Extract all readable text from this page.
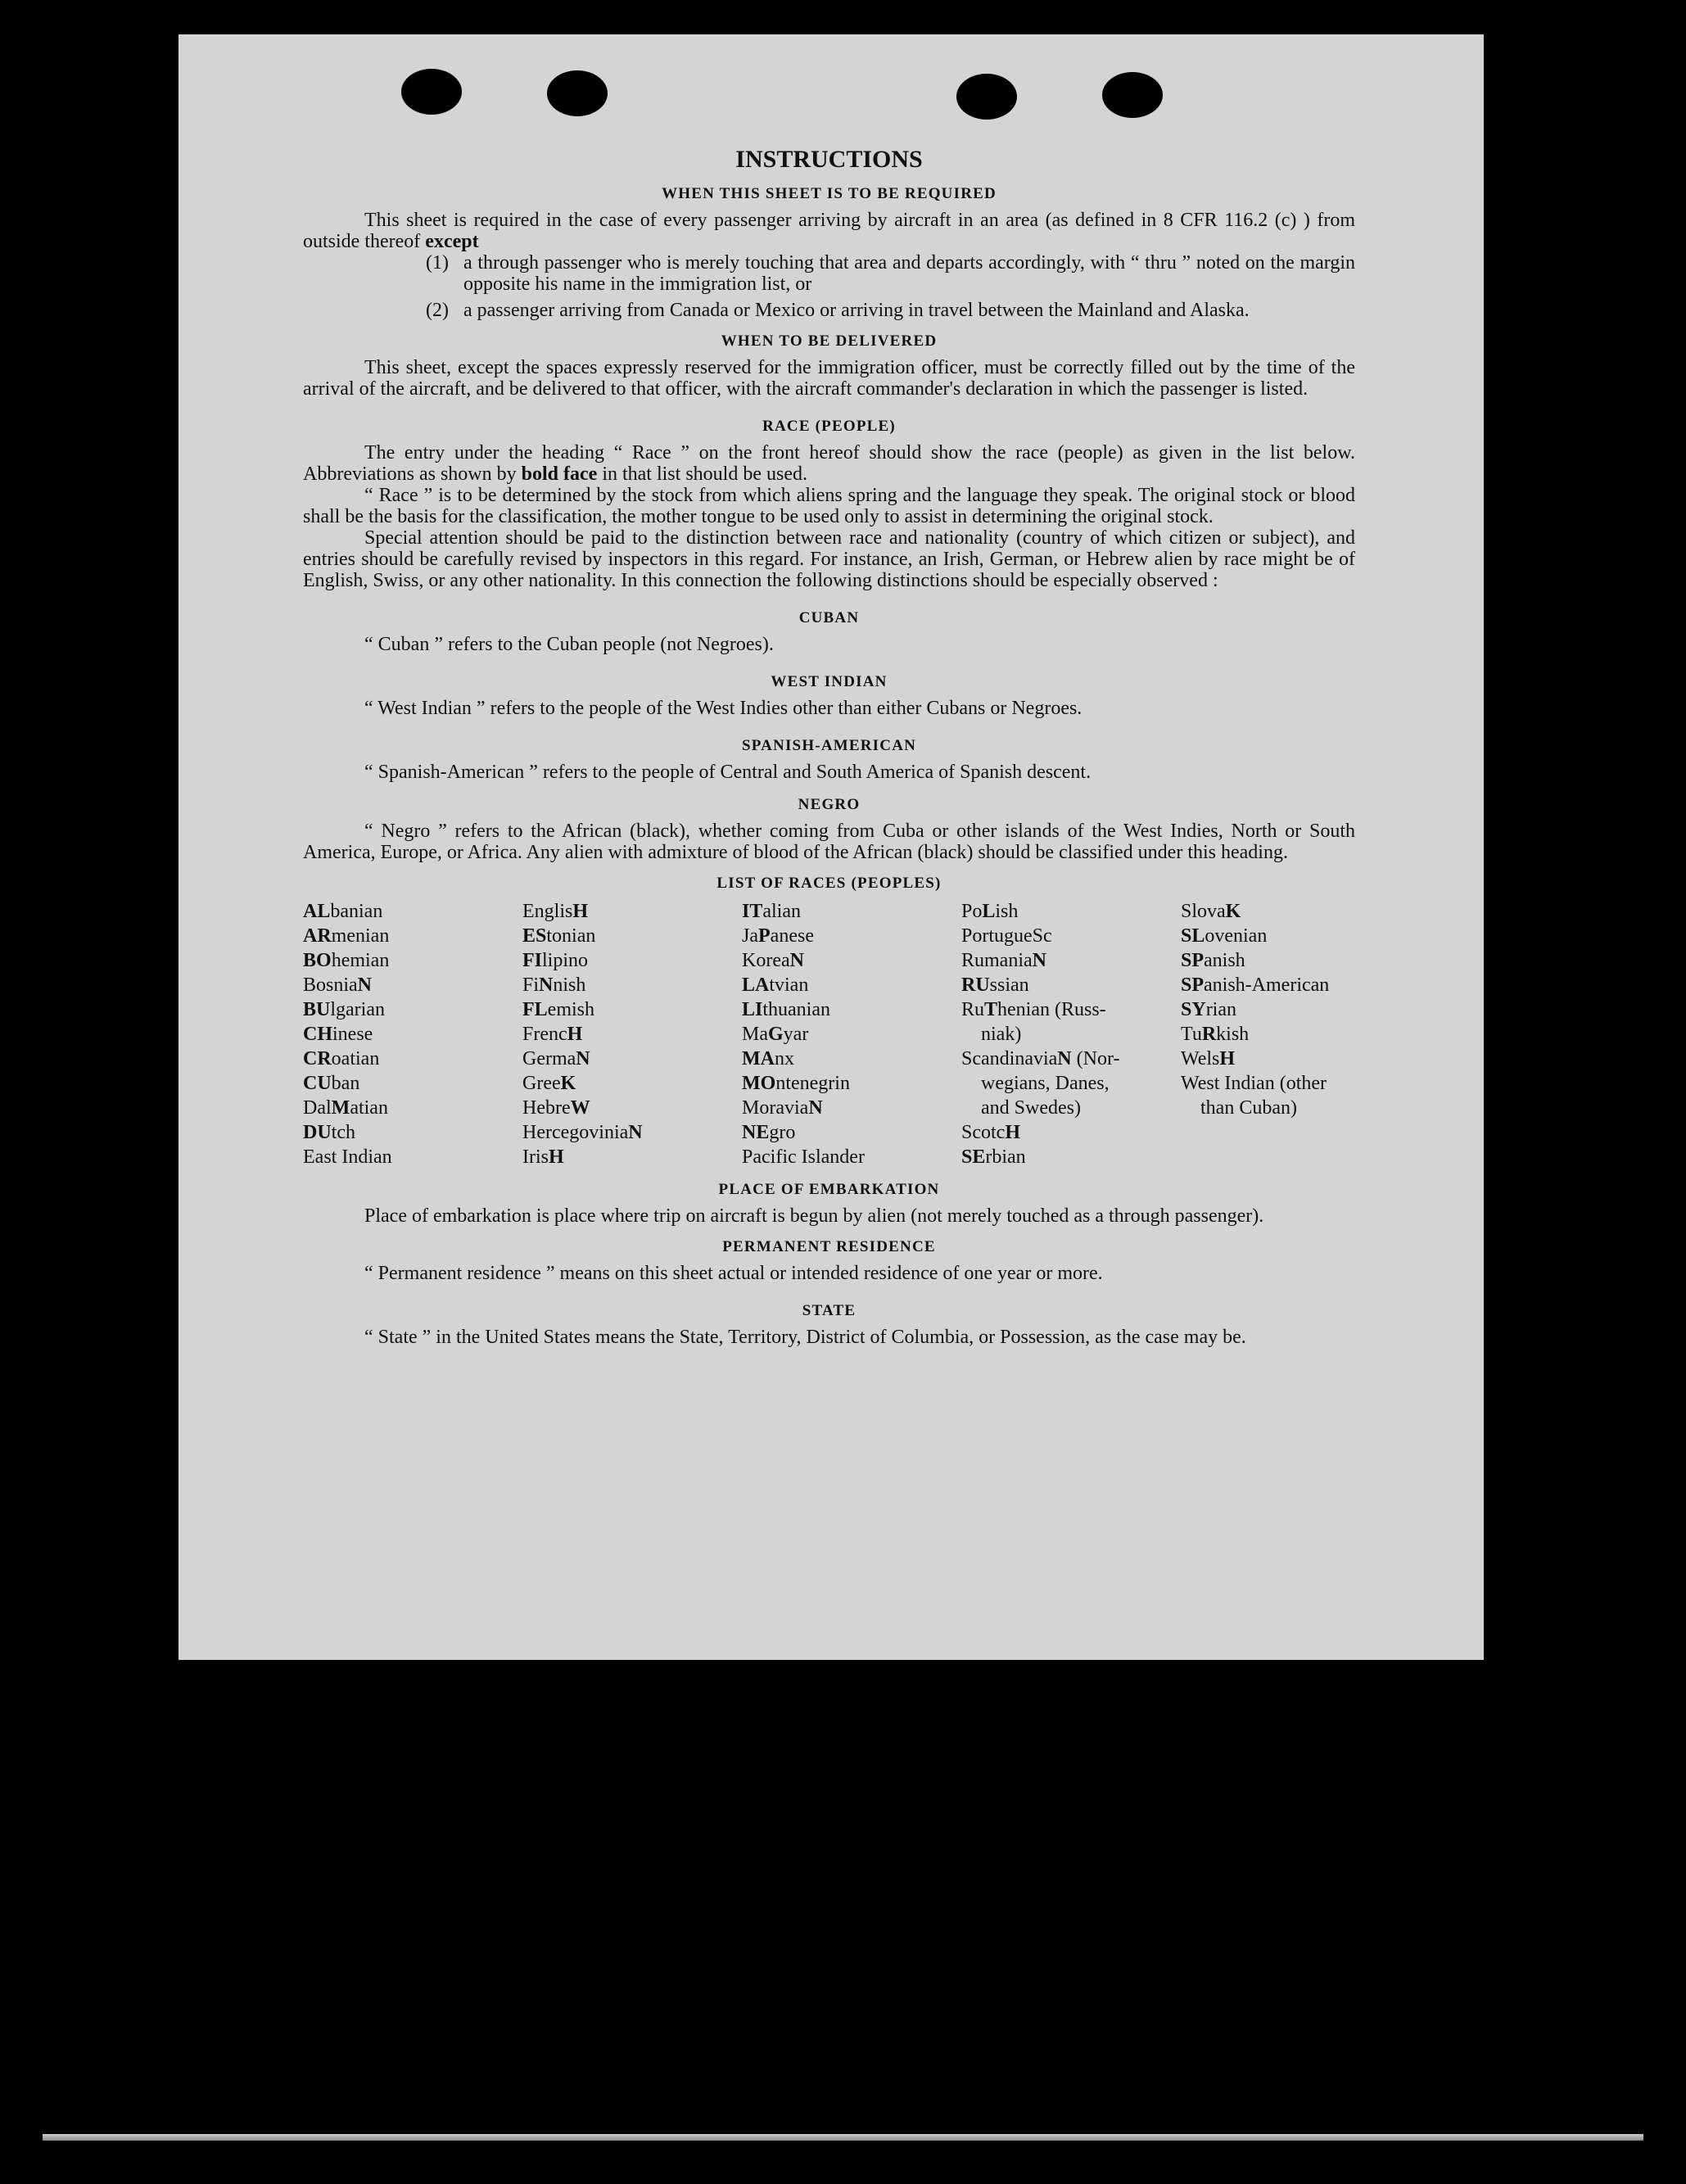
INSTRUCTIONS
WHEN THIS SHEET IS TO BE REQUIRED

This sheet is required in the case of every passenger arriving by aircraft in an area (as defined in 8 CFR 116.2 (c) ) from outside thereof except

(1) a through passenger who is merely touching that area and departs accordingly, with “ thru ” noted on the margin opposite his name in the immigration list, or
(2) a passenger arriving from Canada or Mexico or arriving in travel between the Mainland and Alaska.
WHEN TO BE DELIVERED

This sheet, except the spaces expressly reserved for the immigration officer, must be correctly filled out by the time of the arrival of the aircraft, and be delivered to that officer, with the aircraft commander's declaration in which the passenger is listed.

RACE (PEOPLE)

The entry under the heading “ Race ” on the front hereof should show the race (people) as given in the list below. Abbreviations as shown by bold face in that list should be used.

“ Race ” is to be determined by the stock from which aliens spring and the language they speak. The original stock or blood shall be the basis for the classification, the mother tongue to be used only to assist in determining the original stock.

Special attention should be paid to the distinction between race and nationality (country of which citizen or subject), and entries should be carefully revised by inspectors in this regard. For instance, an Irish, German, or Hebrew alien by race might be of English, Swiss, or any other nationality. In this connection the following distinctions should be especially observed :

CUBAN
“ Cuban ” refers to the Cuban people (not Negroes).
WEST INDIAN
“ West Indian ” refers to the people of the West Indies other than either Cubans or Negroes.
SPANISH-AMERICAN
“ Spanish-American ” refers to the people of Central and South America of Spanish descent.
NEGRO

“ Negro ” refers to the African (black), whether coming from Cuba or other islands of the West Indies, North or South America, Europe, or Africa. Any alien with admixture of blood of the African (black) should be classified under this heading.

LIST OF RACES (PEOPLES)
ALbanian
ARmenian
BOhemian
BosniaN
BUlgarian
CHinese
CRoatian
CUban
DalMatian
DUtch
East Indian
EnglisH
EStonian
FIlipino
FiNnish
FLemish
FrencH
GermaN
GreeK
HebreW
HercegoviniaN
IrisH
ITalian
JaPanese
KoreaN
LAtvian
LIthuanian
MaGyar
MAnx
MOntenegrin
MoraviaN
NEgro
Pacific Islander
PoLish
PortugueSc
RumaniaN
RUssian
RuThenian (Russ-
niak)
ScandinaviaN (Nor-
wegians, Danes,
and Swedes)
ScotcH
SErbian
SlovaK
SLovenian
SPanish
SPanish-American
SYrian
TuRkish
WelsH
West Indian (other
than Cuban)
PLACE OF EMBARKATION

Place of embarkation is place where trip on aircraft is begun by alien (not merely touched as a through passenger).

PERMANENT RESIDENCE
“ Permanent residence ” means on this sheet actual or intended residence of one year or more.
STATE

“ State ” in the United States means the State, Territory, District of Columbia, or Possession, as the case may be.
